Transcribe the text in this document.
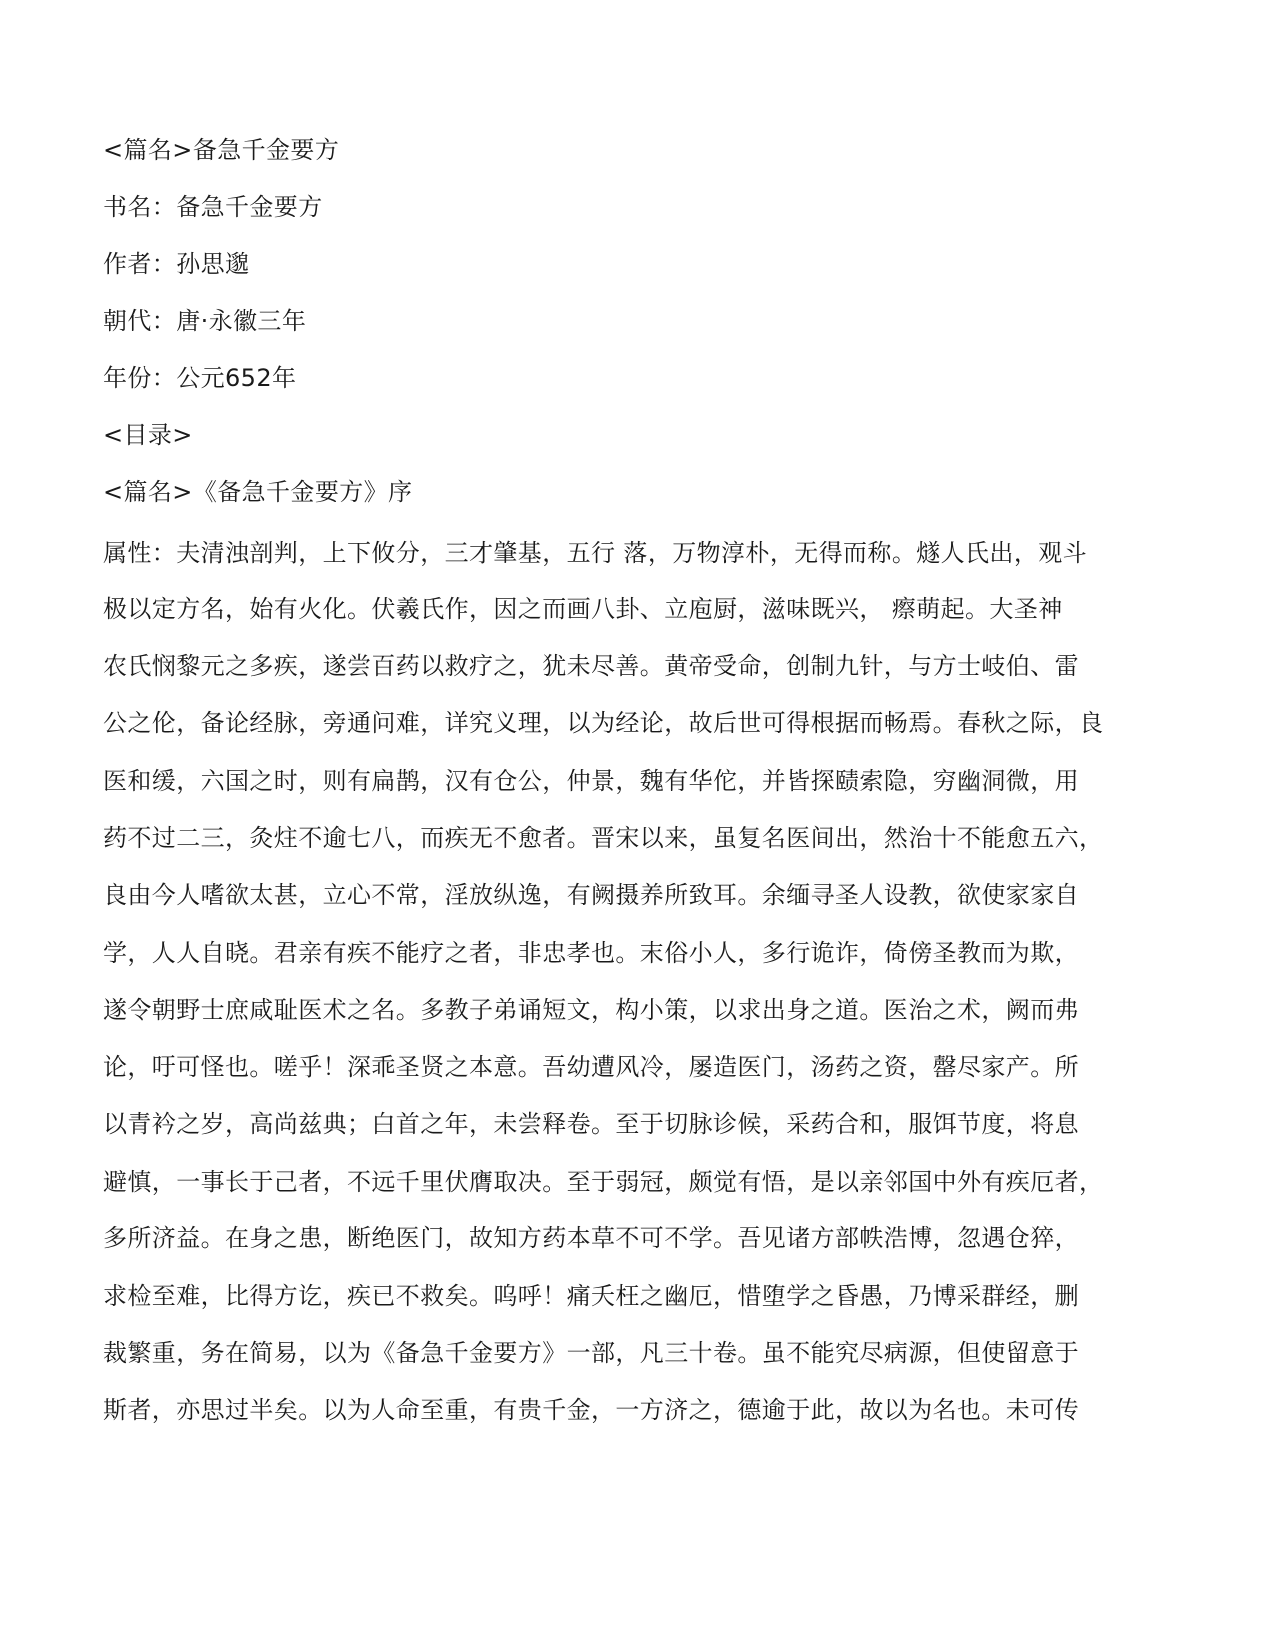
<篇名>备急千金要方
书名：备急千金要方
作者：孙思邈
朝代：唐·永徽三年
年份：公元652年
<目录>
<篇名>《备急千金要方》序
属性：夫清浊剖判，上下攸分，三才肇基，五行 落，万物淳朴，无得而称。燧人氏出，观斗
极以定方名，始有火化。伏羲氏作，因之而画八卦、立庖厨，滋味既兴， 瘵萌起。大圣神
农氏悯黎元之多疾，遂尝百药以救疗之，犹未尽善。黄帝受命，创制九针，与方士岐伯、雷
公之伦，备论经脉，旁通问难，详究义理，以为经论，故后世可得根据而畅焉。春秋之际，良
医和缓，六国之时，则有扁鹊，汉有仓公，仲景，魏有华佗，并皆探赜索隐，穷幽洞微，用
药不过二三，灸炷不逾七八，而疾无不愈者。晋宋以来，虽复名医间出，然治十不能愈五六，
良由今人嗜欲太甚，立心不常，淫放纵逸，有阙摄养所致耳。余缅寻圣人设教，欲使家家自
学，人人自晓。君亲有疾不能疗之者，非忠孝也。末俗小人，多行诡诈，倚傍圣教而为欺，
遂令朝野士庶咸耻医术之名。多教子弟诵短文，构小策，以求出身之道。医治之术，阙而弗
论，吁可怪也。嗟乎！深乖圣贤之本意。吾幼遭风冷，屡造医门，汤药之资，罄尽家产。所
以青衿之岁，高尚兹典；白首之年，未尝释卷。至于切脉诊候，采药合和，服饵节度，将息
避慎，一事长于己者，不远千里伏膺取决。至于弱冠，颇觉有悟，是以亲邻国中外有疾厄者，
多所济益。在身之患，断绝医门，故知方药本草不可不学。吾见诸方部帙浩博，忽遇仓猝，
求检至难，比得方讫，疾已不救矣。呜呼！痛夭枉之幽厄，惜堕学之昏愚，乃博采群经，删
裁繁重，务在简易，以为《备急千金要方》一部，凡三十卷。虽不能究尽病源，但使留意于
斯者，亦思过半矣。以为人命至重，有贵千金，一方济之，德逾于此，故以为名也。未可传
